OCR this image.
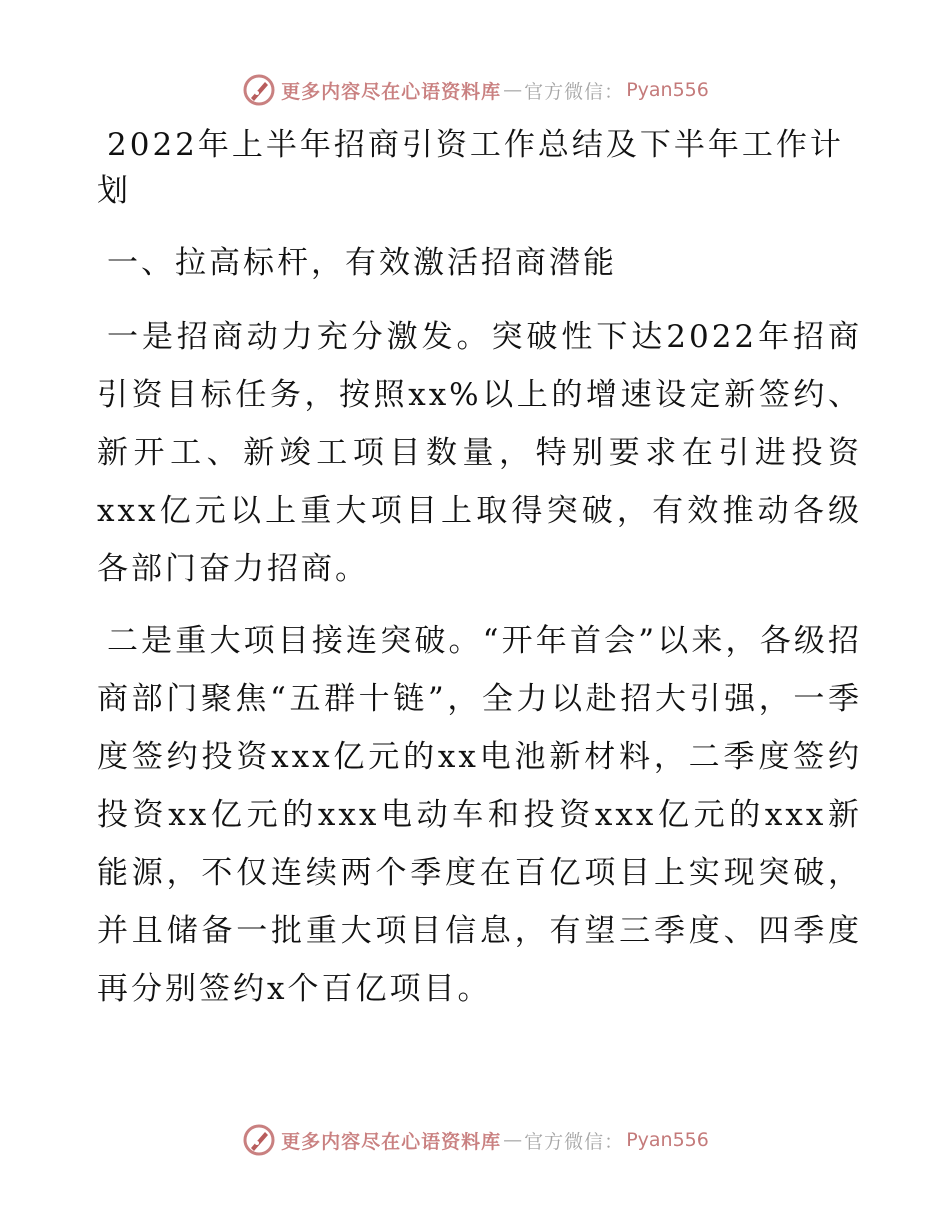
更多内容尽在心语资料库 — 官方微信： Pyan556

2022年上半年招商引资工作总结及下半年工作计划

一、拉高标杆，有效激活招商潜能

一是招商动力充分激发。突破性下达2022年招商引资目标任务，按照xx%以上的增速设定新签约、新开工、新竣工项目数量，特别要求在引进投资xxx亿元以上重大项目上取得突破，有效推动各级各部门奋力招商。

二是重大项目接连突破。“开年首会”以来，各级招商部门聚焦“五群十链”，全力以赴招大引强，一季度签约投资xxx亿元的xx电池新材料，二季度签约投资xx亿元的xxx电动车和投资xxx亿元的xxx新能源，不仅连续两个季度在百亿项目上实现突破，并且储备一批重大项目信息，有望三季度、四季度再分别签约x个百亿项目。

更多内容尽在心语资料库 — 官方微信： Pyan556
